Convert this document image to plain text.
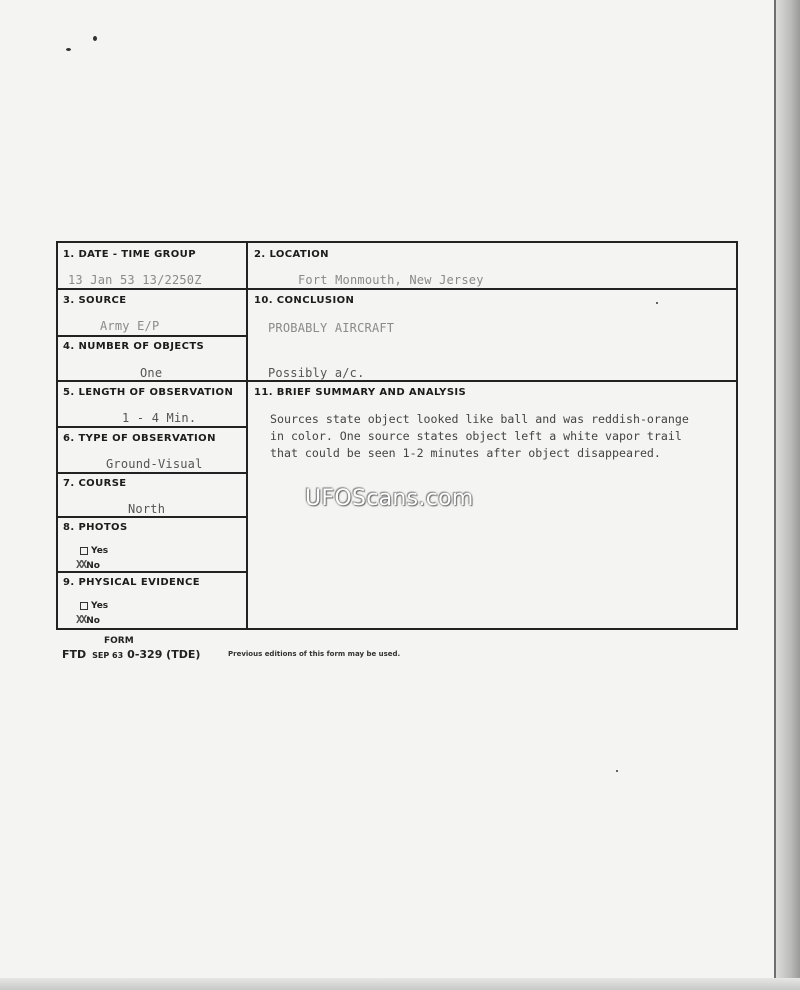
1. DATE - TIME GROUP
13 Jan 53 13/2250Z
2. LOCATION
Fort Monmouth, New Jersey
3. SOURCE
Army E/P
10. CONCLUSION
PROBABLY AIRCRAFT
Possibly a/c.
4. NUMBER OF OBJECTS
One
5. LENGTH OF OBSERVATION
1 - 4 Min.
11. BRIEF SUMMARY AND ANALYSIS
Sources state object looked like ball and was reddish-orange
in color. One source states object left a white vapor trail
that could be seen 1-2 minutes after object disappeared.
6. TYPE OF OBSERVATION
Ground-Visual
7. COURSE
North
8. PHOTOS
Yes
XXNo
9. PHYSICAL EVIDENCE
Yes
XXNo
UFOScans.com
FORM
FTD SEP 63 0-329 (TDE)	Previous editions of this form may be used.
